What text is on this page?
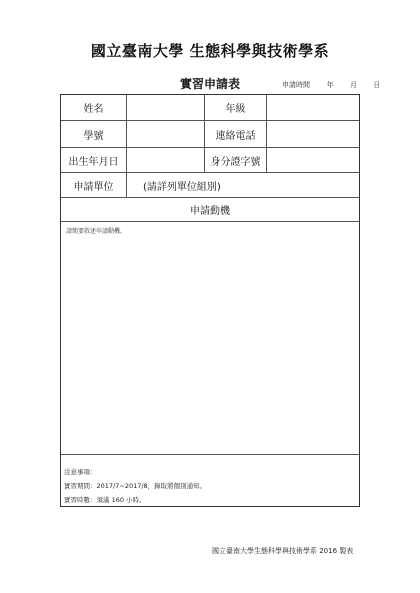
國立臺南大學 生態科學與技術學系
實習申請表	申請時間 年 月 日
姓名	年級
學號	連絡電話
出生年月日	身分證字號
申請單位	(請詳列單位組別)
申請動機
請簡要敘述申請動機。
注意事項：
實習期間：2017/7~2017/8，錄取將個別通知。
實習時數：須滿 160 小時。
國立臺南大學生態科學與技術學系 2016 製表
